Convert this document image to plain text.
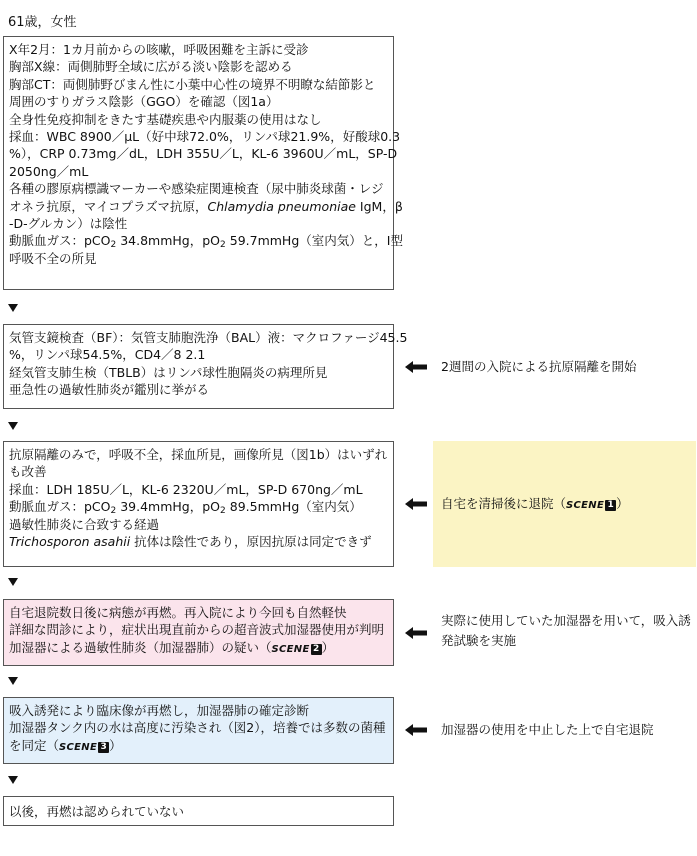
61歳，女性
X年2月：1カ月前からの咳嗽，呼吸困難を主訴に受診
胸部X線：両側肺野全域に広がる淡い陰影を認める
胸部CT：両側肺野びまん性に小葉中心性の境界不明瞭な結節影と
周囲のすりガラス陰影（GGO）を確認（図1a）
全身性免疫抑制をきたす基礎疾患や内服薬の使用はなし
採血：WBC 8900／μL（好中球72.0%，リンパ球21.9%，好酸球0.3
%），CRP 0.73mg／dL，LDH 355U／L，KL-6 3960U／mL，SP-D
2050ng／mL
各種の膠原病標識マーカーや感染症関連検査（尿中肺炎球菌・レジ
オネラ抗原，マイコプラズマ抗原，Chlamydia pneumoniae IgM，β
-D-グルカン）は陰性
動脈血ガス：pCO$_2$ 34.8mmHg，$pO_2$ 59.7mmHg（室内気）と，I型
呼吸不全の所見
気管支鏡検査（BF）：気管支肺胞洗浄（BAL）液：マクロファージ45.5
%，リンパ球54.5%，CD4／8 2.1
経気管支肺生検（TBLB）はリンパ球性胞隔炎の病理所見
亜急性の過敏性肺炎が鑑別に挙がる
2週間の入院による抗原隔離を開始
抗原隔離のみで，呼吸不全，採血所見，画像所見（図1b）はいずれ
も改善
採血：LDH 185U／L，KL-6 2320U／mL，SP-D 670ng／mL
動脈血ガス：pCO$_2$ 39.4mmHg，$pO_2$ 89.5mmHg（室内気）
過敏性肺炎に合致する経過
Trichosporon asahii 抗体は陰性であり，原因抗原は同定できず
自宅を清掃後に退院（SCENE 1 ）
自宅退院数日後に病態が再燃。再入院により今回も自然軽快
詳細な問診により，症状出現直前からの超音波式加湿器使用が判明
加湿器による過敏性肺炎（加湿器肺）の疑い（SCENE 2 ）
実際に使用していた加湿器を用いて，吸入誘
発試験を実施
吸入誘発により臨床像が再燃し，加湿器肺の確定診断
加湿器タンク内の水は高度に汚染され（図2），培養では多数の菌種
を同定（SCENE 3 ）
加湿器の使用を中止した上で自宅退院
以後，再燃は認められていない
